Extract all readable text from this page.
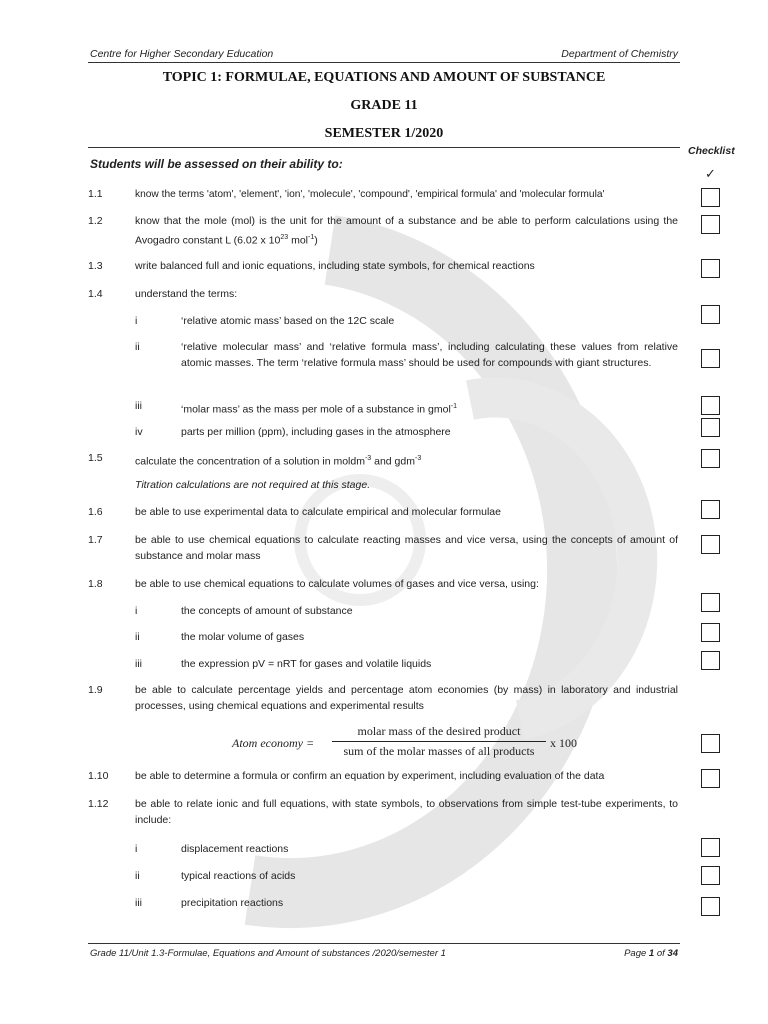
Centre for Higher Secondary Education	Department of Chemistry
TOPIC 1: FORMULAE, EQUATIONS AND AMOUNT OF SUBSTANCE
GRADE 11
SEMESTER 1/2020
Checklist
✓
Students will be assessed on their ability to:
1.1	know the terms 'atom', 'element', 'ion', 'molecule', 'compound', 'empirical formula' and 'molecular formula'
1.2	know that the mole (mol) is the unit for the amount of a substance and be able to perform calculations using the Avogadro constant L (6.02 x $10^{23}$ mol$^{-1}$)
1.3	write balanced full and ionic equations, including state symbols, for chemical reactions
1.4	understand the terms:
i	‘relative atomic mass’ based on the 12C scale
ii	‘relative molecular mass’ and ‘relative formula mass’, including calculating these values from relative atomic masses. The term ‘relative formula mass’ should be used for compounds with giant structures.
iii	‘molar mass’ as the mass per mole of a substance in gmol$^{-1}$
iv	parts per million (ppm), including gases in the atmosphere
1.5	calculate the concentration of a solution in moldm$^{-3}$ and gdm$^{-3}$
Titration calculations are not required at this stage.
1.6	be able to use experimental data to calculate empirical and molecular formulae
1.7	be able to use chemical equations to calculate reacting masses and vice versa, using the concepts of amount of substance and molar mass
1.8	be able to use chemical equations to calculate volumes of gases and vice versa, using:
i	the concepts of amount of substance
ii	the molar volume of gases
iii	the expression pV = nRT for gases and volatile liquids
1.9	be able to calculate percentage yields and percentage atom economies (by mass) in laboratory and industrial processes, using chemical equations and experimental results
Atom economy =
molar mass of the desired product
sum of the molar masses of all products
x 100
1.10	be able to determine a formula or confirm an equation by experiment, including evaluation of the data
1.12	be able to relate ionic and full equations, with state symbols, to observations from simple test-tube experiments, to include:
i	displacement reactions
ii	typical reactions of acids
iii	precipitation reactions
Grade 11/Unit 1.3-Formulae, Equations and Amount of substances /2020/semester 1	Page 1 of 34
